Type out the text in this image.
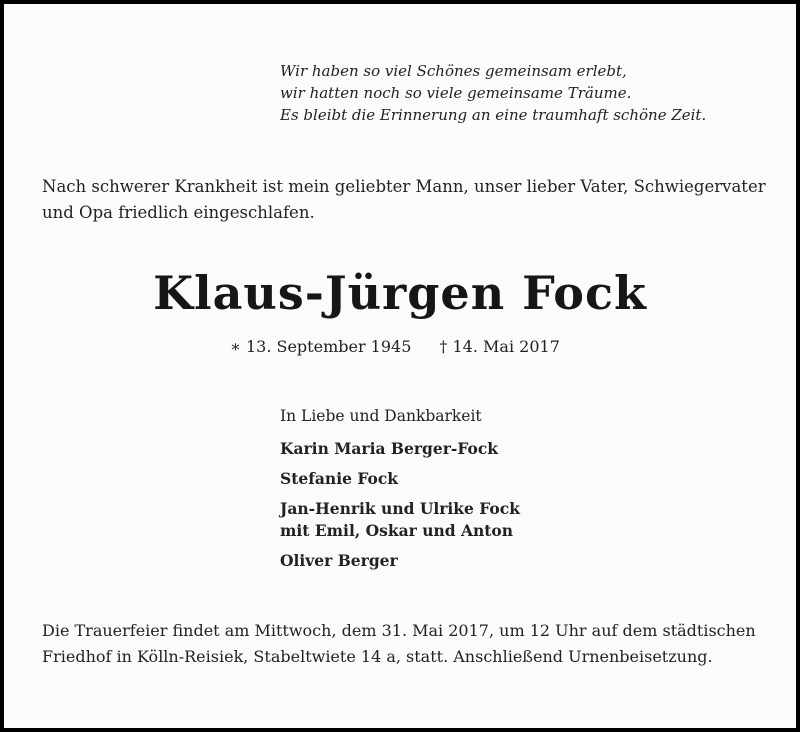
Wir haben so viel Schönes gemeinsam erlebt,
wir hatten noch so viele gemeinsame Träume.
Es bleibt die Erinnerung an eine traumhaft schöne Zeit.
Nach schwerer Krankheit ist mein geliebter Mann, unser lieber Vater, Schwiegervater
und Opa friedlich eingeschlafen.
Klaus-Jürgen Fock
∗ 13. September 1945 † 14. Mai 2017
In Liebe und Dankbarkeit
Karin Maria Berger-Fock
Stefanie Fock
Jan-Henrik und Ulrike Fock
mit Emil, Oskar und Anton
Oliver Berger
Die Trauerfeier findet am Mittwoch, dem 31. Mai 2017, um 12 Uhr auf dem städtischen
Friedhof in Kölln-Reisiek, Stabeltwiete 14 a, statt. Anschließend Urnenbeisetzung.
